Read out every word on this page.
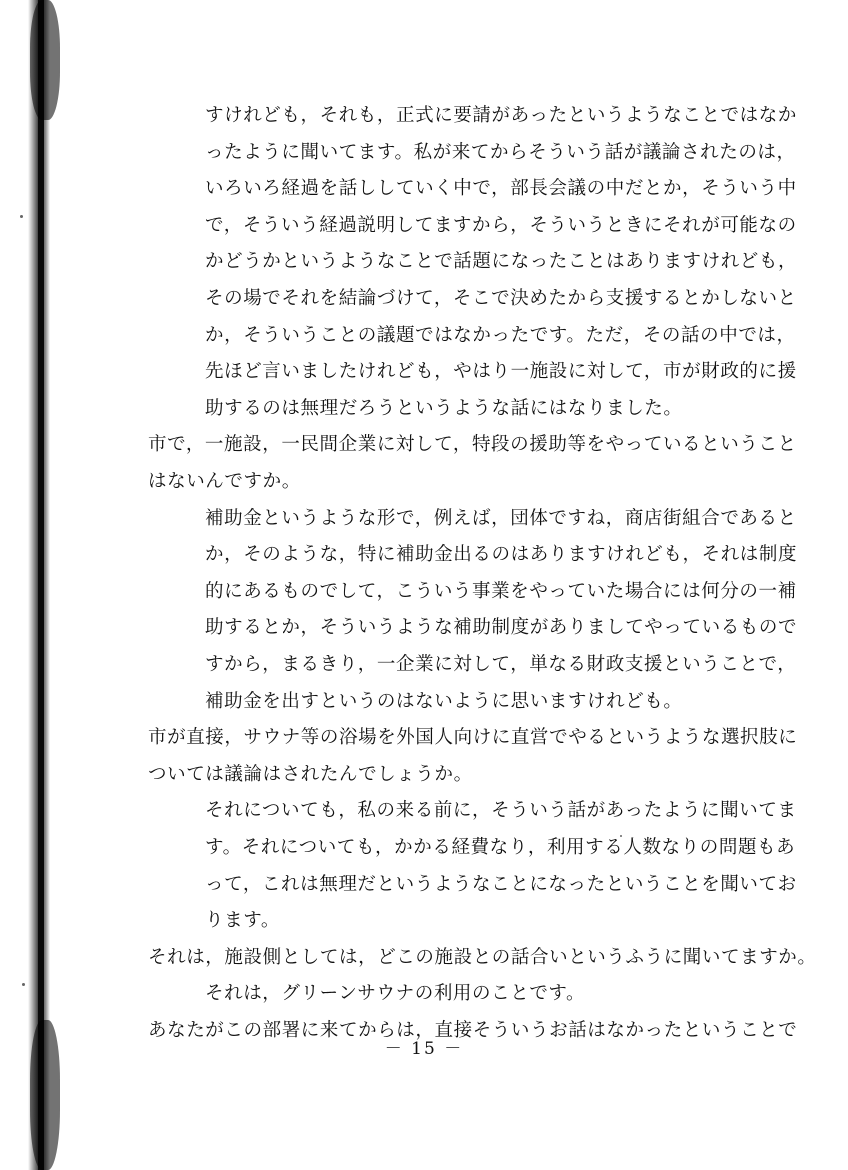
すけれども，それも，正式に要請があったというようなことではなか
ったように聞いてます。私が来てからそういう話が議論されたのは，
いろいろ経過を話ししていく中で，部長会議の中だとか，そういう中
で，そういう経過説明してますから，そういうときにそれが可能なの
かどうかというようなことで話題になったことはありますけれども，
その場でそれを結論づけて，そこで決めたから支援するとかしないと
か，そういうことの議題ではなかったです。ただ，その話の中では，
先ほど言いましたけれども，やはり一施設に対して，市が財政的に援
助するのは無理だろうというような話にはなりました。
市で，一施設，一民間企業に対して，特段の援助等をやっているということ
はないんですか。
補助金というような形で，例えば，団体ですね，商店街組合であると
か，そのような，特に補助金出るのはありますけれども，それは制度
的にあるものでして，こういう事業をやっていた場合には何分の一補
助するとか，そういうような補助制度がありましてやっているもので
すから，まるきり，一企業に対して，単なる財政支援ということで，
補助金を出すというのはないように思いますけれども。
市が直接，サウナ等の浴場を外国人向けに直営でやるというような選択肢に
ついては議論はされたんでしょうか。
それについても，私の来る前に，そういう話があったように聞いてま
す。それについても，かかる経費なり，利用する人数なりの問題もあ
って，これは無理だというようなことになったということを聞いてお
ります。
それは，施設側としては，どこの施設との話合いというふうに聞いてますか。
それは，グリーンサウナの利用のことです。
あなたがこの部署に来てからは，直接そういうお話はなかったということで
－ 15 －
